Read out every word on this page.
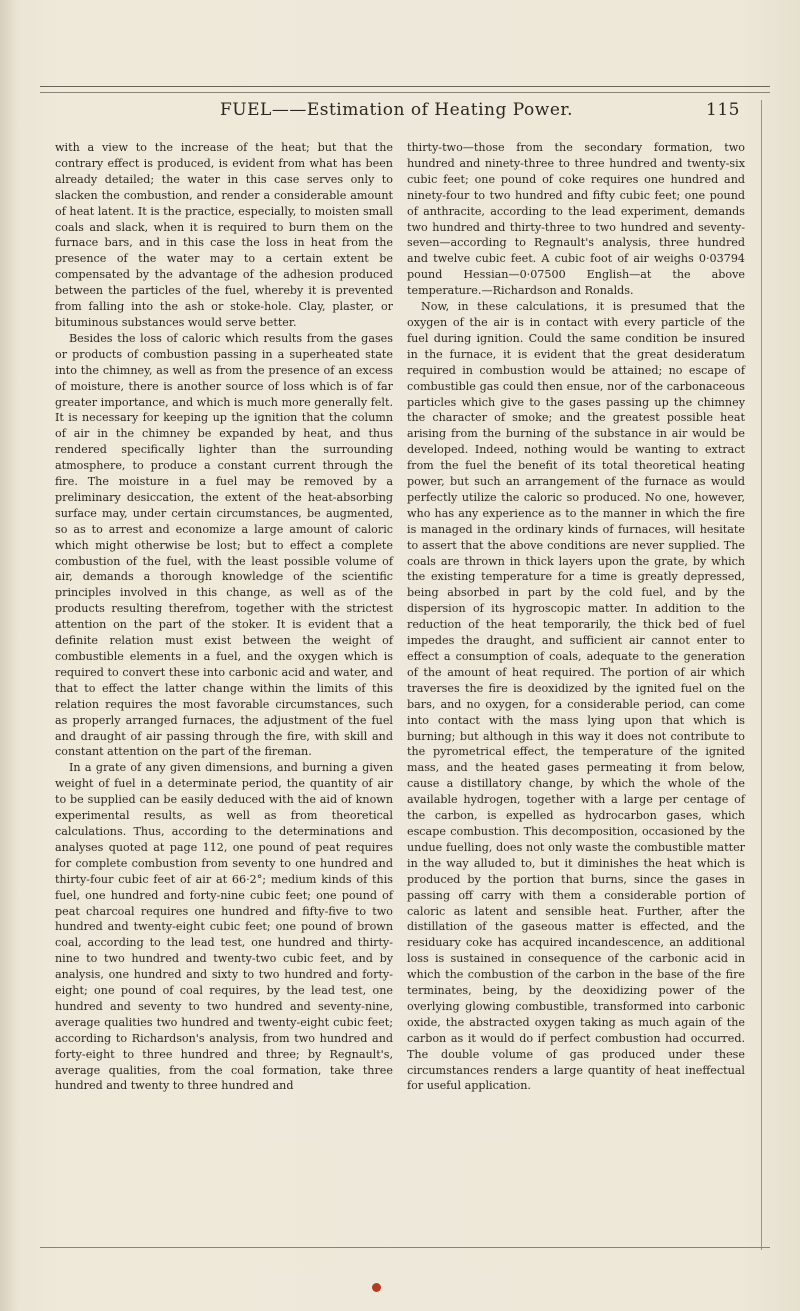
FUEL——Estimation of Heating Power.	115

with a view to the increase of the heat; but that the contrary effect is produced, is evident from what has been already detailed; the water in this case serves only to slacken the combustion, and render a considerable amount of heat latent. It is the practice, especially, to moisten small coals and slack, when it is required to burn them on the furnace bars, and in this case the loss in heat from the presence of the water may to a certain extent be compensated by the advantage of the adhesion produced between the particles of the fuel, whereby it is prevented from falling into the ash or stoke-hole. Clay, plaster, or bituminous substances would serve better.

Besides the loss of caloric which results from the gases or products of combustion passing in a superheated state into the chimney, as well as from the presence of an excess of moisture, there is another source of loss which is of far greater importance, and which is much more generally felt. It is necessary for keeping up the ignition that the column of air in the chimney be expanded by heat, and thus rendered specifically lighter than the surrounding atmosphere, to produce a constant current through the fire. The moisture in a fuel may be removed by a preliminary desiccation, the extent of the heat-absorbing surface may, under certain circumstances, be augmented, so as to arrest and economize a large amount of caloric which might otherwise be lost; but to effect a complete combustion of the fuel, with the least possible volume of air, demands a thorough knowledge of the scientific principles involved in this change, as well as of the products resulting therefrom, together with the strictest attention on the part of the stoker. It is evident that a definite relation must exist between the weight of combustible elements in a fuel, and the oxygen which is required to convert these into carbonic acid and water, and that to effect the latter change within the limits of this relation requires the most favorable circumstances, such as properly arranged furnaces, the adjustment of the fuel and draught of air passing through the fire, with skill and constant attention on the part of the fireman.

In a grate of any given dimensions, and burning a given weight of fuel in a determinate period, the quantity of air to be supplied can be easily deduced with the aid of known experimental results, as well as from theoretical calculations. Thus, according to the determinations and analyses quoted at page 112, one pound of peat requires for complete combustion from seventy to one hundred and thirty-four cubic feet of air at 66·2°; medium kinds of this fuel, one hundred and forty-nine cubic feet; one pound of peat charcoal requires one hundred and fifty-five to two hundred and twenty-eight cubic feet; one pound of brown coal, according to the lead test, one hundred and thirty-nine to two hundred and twenty-two cubic feet, and by analysis, one hundred and sixty to two hundred and forty-eight; one pound of coal requires, by the lead test, one hundred and seventy to two hundred and seventy-nine, average qualities two hundred and twenty-eight cubic feet; according to Richardson's analysis, from two hundred and forty-eight to three hundred and three; by Regnault's, average qualities, from the coal formation, take three hundred and twenty to three hundred and

thirty-two—those from the secondary formation, two hundred and ninety-three to three hundred and twenty-six cubic feet; one pound of coke requires one hundred and ninety-four to two hundred and fifty cubic feet; one pound of anthracite, according to the lead experiment, demands two hundred and thirty-three to two hundred and seventy-seven—according to Regnault's analysis, three hundred and twelve cubic feet. A cubic foot of air weighs 0·03794 pound Hessian—0·07500 English—at the above temperature.—Richardson and Ronalds.

Now, in these calculations, it is presumed that the oxygen of the air is in contact with every particle of the fuel during ignition. Could the same condition be insured in the furnace, it is evident that the great desideratum required in combustion would be attained; no escape of combustible gas could then ensue, nor of the carbonaceous particles which give to the gases passing up the chimney the character of smoke; and the greatest possible heat arising from the burning of the substance in air would be developed. Indeed, nothing would be wanting to extract from the fuel the benefit of its total theoretical heating power, but such an arrangement of the furnace as would perfectly utilize the caloric so produced. No one, however, who has any experience as to the manner in which the fire is managed in the ordinary kinds of furnaces, will hesitate to assert that the above conditions are never supplied. The coals are thrown in thick layers upon the grate, by which the existing temperature for a time is greatly depressed, being absorbed in part by the cold fuel, and by the dispersion of its hygroscopic matter. In addition to the reduction of the heat temporarily, the thick bed of fuel impedes the draught, and sufficient air cannot enter to effect a consumption of coals, adequate to the generation of the amount of heat required. The portion of air which traverses the fire is deoxidized by the ignited fuel on the bars, and no oxygen, for a considerable period, can come into contact with the mass lying upon that which is burning; but although in this way it does not contribute to the pyrometrical effect, the temperature of the ignited mass, and the heated gases permeating it from below, cause a distillatory change, by which the whole of the available hydrogen, together with a large per centage of the carbon, is expelled as hydrocarbon gases, which escape combustion. This decomposition, occasioned by the undue fuelling, does not only waste the combustible matter in the way alluded to, but it diminishes the heat which is produced by the portion that burns, since the gases in passing off carry with them a considerable portion of caloric as latent and sensible heat. Further, after the distillation of the gaseous matter is effected, and the residuary coke has acquired incandescence, an additional loss is sustained in consequence of the carbonic acid in which the combustion of the carbon in the base of the fire terminates, being, by the deoxidizing power of the overlying glowing combustible, transformed into carbonic oxide, the abstracted oxygen taking as much again of the carbon as it would do if perfect combustion had occurred. The double volume of gas produced under these circumstances renders a large quantity of heat ineffectual for useful application.
